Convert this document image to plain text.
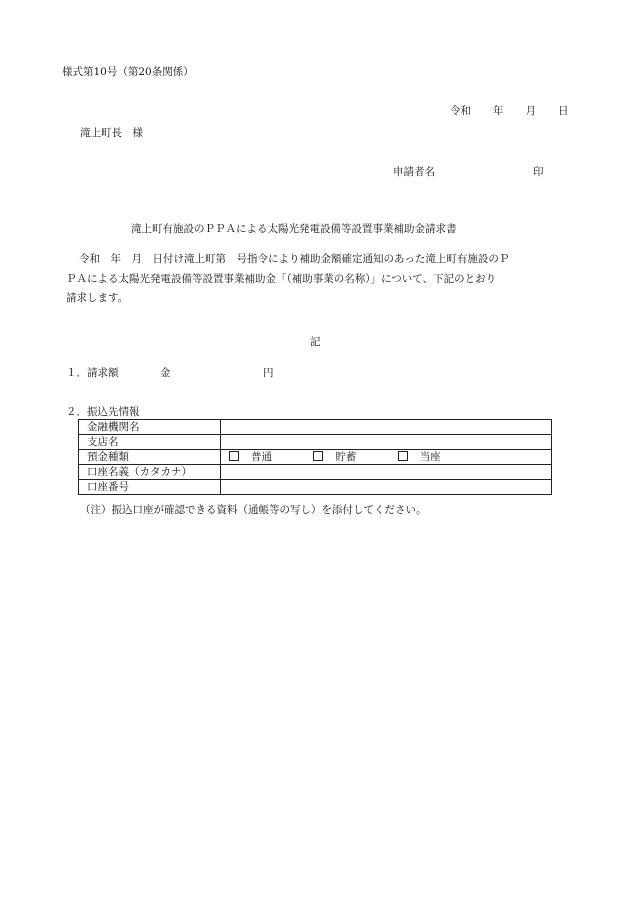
様式第10号（第20条関係）
令和 年 月 日
滝上町長　様
申請者名	印
滝上町有施設のＰＰＡによる太陽光発電設備等設置事業補助金請求書
令和　年　月　日付け滝上町第　号指令により補助金額確定通知のあった滝上町有施設のＰ
ＰＡによる太陽光発電設備等設置事業補助金「（補助事業の名称）」について、下記のとおり
請求します。
記
１．請求額	金	円
２．振込先情報
金融機関名	
支店名	
預金種類	普通 貯蓄 当座
口座名義（カタカナ）	
口座番号	
（注）振込口座が確認できる資料（通帳等の写し）を添付してください。
